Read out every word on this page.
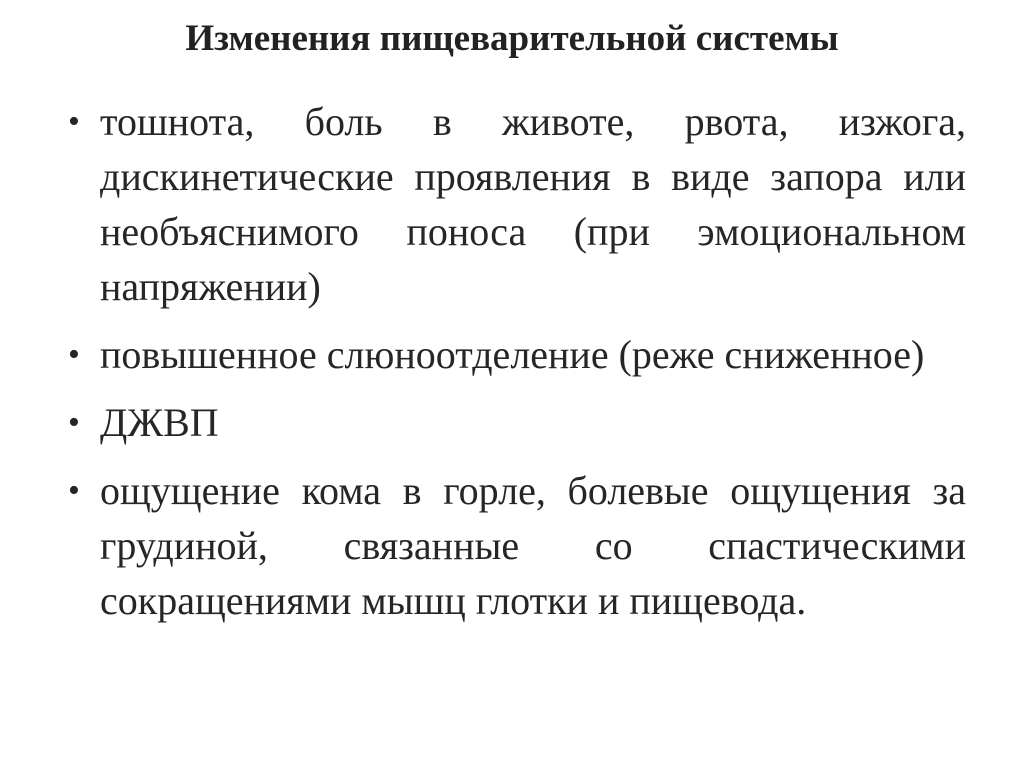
Изменения пищеварительной системы
• тошнота, боль в животе, рвота, изжога, дискинетические проявления в виде запора или необъяснимого поноса (при эмоциональном напряжении)
• повышенное слюноотделение (реже сниженное)
• ДЖВП
• ощущение кома в горле, болевые ощущения за грудиной, связанные со спастическими сокращениями мышц глотки и пищевода.
